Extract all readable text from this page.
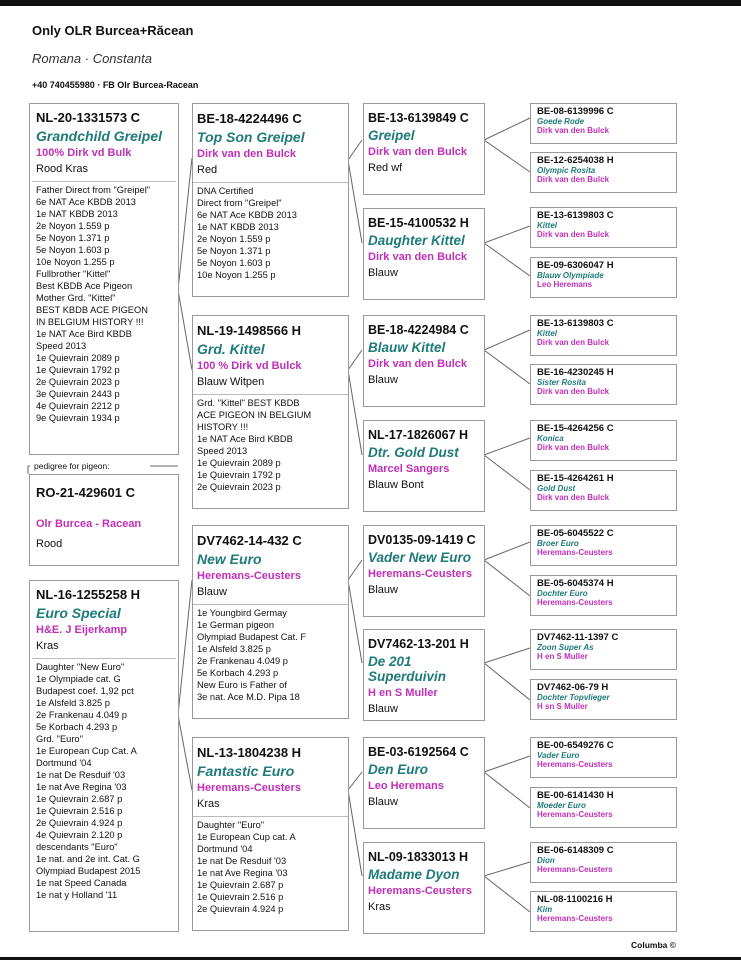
Only OLR Burcea+Răcean
Romana · Constanta
+40 740455980 · FB Olr Burcea-Racean
NL-20-1331573 C
Grandchild Greipel
100% Dirk vd Bulk
Rood Kras
Father Direct from "Greipel"
6e NAT Ace KBDB 2013
1e NAT KBDB 2013
2e Noyon 1.559 p
5e Noyon 1.371 p
5e Noyon 1.603 p
10e Noyon 1.255 p
Fullbrother "Kittel"
Best KBDB Ace Pigeon
Mother Grd. "Kittel"
BEST KBDB ACE PIGEON
IN BELGIUM HISTORY !!!
1e NAT Ace Bird KBDB
Speed 2013
1e Quievrain 2089 p
1e Quievrain 1792 p
2e Quievrain 2023 p
3e Quievrain 2443 p
4e Quievrain 2212 p
9e Quievrain 1934 p
pedigree for pigeon:
RO-21-429601 C
Olr Burcea - Racean
Rood
NL-16-1255258 H
Euro Special
H&E. J Eijerkamp
Kras
Daughter "New Euro"
1e Olympiade cat. G
Budapest coef. 1,92 pct
1e Alsfeld 3.825 p
2e Frankenau 4.049 p
5e Korbach 4.293 p
Grd. "Euro"
1e European Cup Cat. A
Dortmund '04
1e nat De Resduif '03
1e nat Ave Regina '03
1e Quievrain 2.687 p
1e Quievrain 2.516 p
2e Quievrain 4.924 p
4e Quievrain 2.120 p
descendants "Euro"
1e nat. and 2e int. Cat. G
Olympiad Budapest 2015
1e nat Speed Canada
1e nat y Holland '11
BE-18-4224496 C
Top Son Greipel
Dirk van den Bulck
Red
DNA Certified
Direct from "Greipel"
6e NAT Ace KBDB 2013
1e NAT KBDB 2013
2e Noyon 1.559 p
5e Noyon 1.371 p
5e Noyon 1.603 p
10e Noyon 1.255 p
NL-19-1498566 H
Grd. Kittel
100 % Dirk vd Bulck
Blauw Witpen
Grd. "Kittel" BEST KBDB
ACE PIGEON IN BELGIUM
HISTORY !!!
1e NAT Ace Bird KBDB
Speed 2013
1e Quievrain 2089 p
1e Quievrain 1792 p
2e Quievrain 2023 p
DV7462-14-432 C
New Euro
Heremans-Ceusters
Blauw
1e Youngbird Germay
1e German pigeon
Olympiad Budapest Cat. F
1e Alsfeld 3.825 p
2e Frankenau 4.049 p
5e Korbach 4.293 p
New Euro is Father of
3e nat. Ace M.D. Pipa 18
NL-13-1804238 H
Fantastic Euro
Heremans-Ceusters
Kras
Daughter "Euro"
1e European Cup cat. A
Dortmund '04
1e nat De Resduif '03
1e nat Ave Regina '03
1e Quievrain 2.687 p
1e Quievrain 2.516 p
2e Quievrain 4.924 p
BE-13-6139849 C
Greipel
Dirk van den Bulck
Red wf
BE-15-4100532 H
Daughter Kittel
Dirk van den Bulck
Blauw
BE-18-4224984 C
Blauw Kittel
Dirk van den Bulck
Blauw
NL-17-1826067 H
Dtr. Gold Dust
Marcel Sangers
Blauw Bont
DV0135-09-1419 C
Vader New Euro
Heremans-Ceusters
Blauw
DV7462-13-201 H
De 201 Superduivin
H en S Muller
Blauw
BE-03-6192564 C
Den Euro
Leo Heremans
Blauw
NL-09-1833013 H
Madame Dyon
Heremans-Ceusters
Kras
BE-08-6139996 C
Goede Rode
Dirk van den Bulck
BE-12-6254038 H
Olympic Rosita
Dirk van den Bulck
BE-13-6139803 C
Kittel
Dirk van den Bulck
BE-09-6306047 H
Blauw Olympiade
Leo Heremans
BE-13-6139803 C
Kittel
Dirk van den Bulck
BE-16-4230245 H
Sister Rosita
Dirk van den Bulck
BE-15-4264256 C
Konica
Dirk van den Bulck
BE-15-4264261 H
Gold Dust
Dirk van den Bulck
BE-05-6045522 C
Broer Euro
Heremans-Ceusters
BE-05-6045374 H
Dochter Euro
Heremans-Ceusters
DV7462-11-1397 C
Zoon Super As
H en S Muller
DV7462-06-79 H
Dochter Topvlieger
H sn S Muller
BE-00-6549276 C
Vader Euro
Heremans-Ceusters
BE-00-6141430 H
Moeder Euro
Heremans-Ceusters
BE-06-6148309 C
Dion
Heremans-Ceusters
NL-08-1100216 H
Kim
Heremans-Ceusters
Columba ©
